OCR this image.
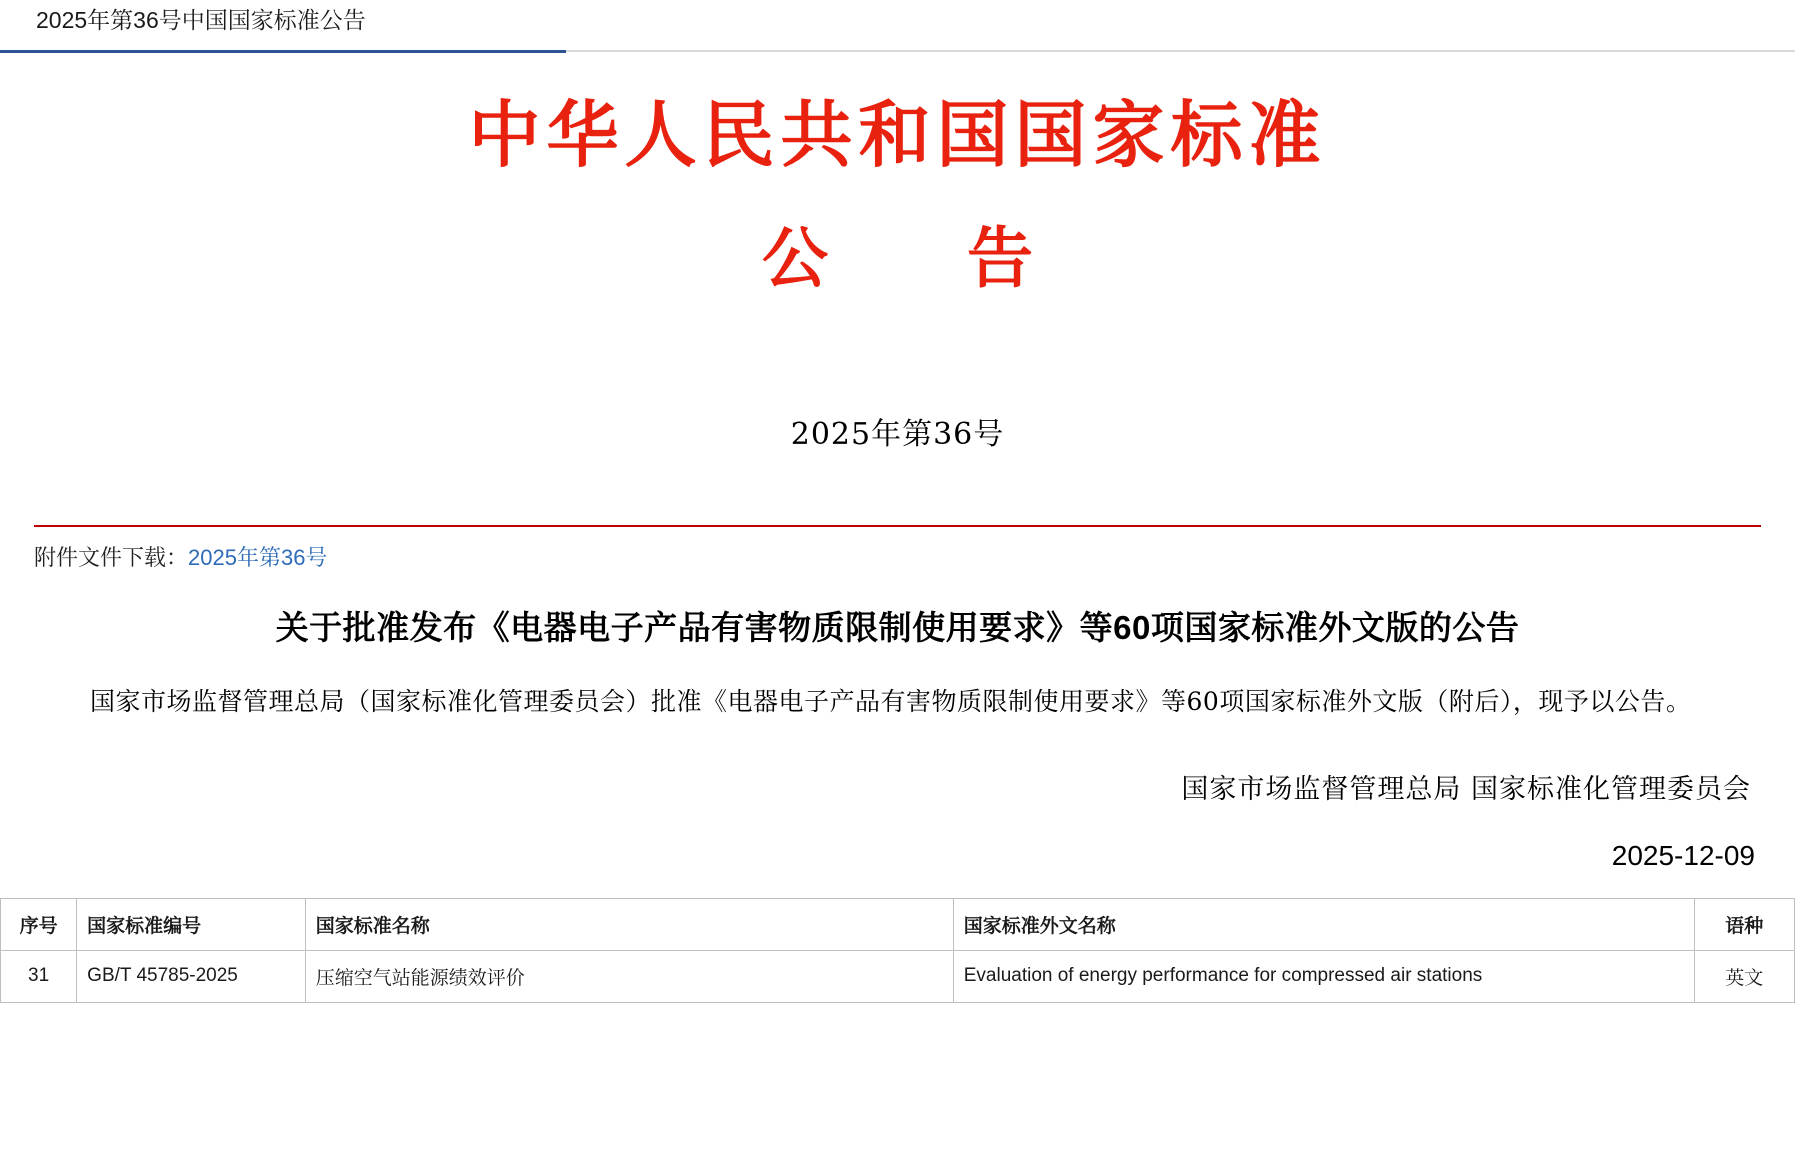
2025年第36号中国国家标准公告
中华人民共和国国家标准
公 告
2025年第36号
附件文件下载：2025年第36号
关于批准发布《电器电子产品有害物质限制使用要求》等60项国家标准外文版的公告
国家市场监督管理总局（国家标准化管理委员会）批准《电器电子产品有害物质限制使用要求》等60项国家标准外文版（附后），现予以公告。
国家市场监督管理总局 国家标准化管理委员会
2025-12-09
序号	国家标准编号	国家标准名称	国家标准外文名称	语种
31	GB/T 45785-2025	压缩空气站能源绩效评价	Evaluation of energy performance for compressed air stations	英文
